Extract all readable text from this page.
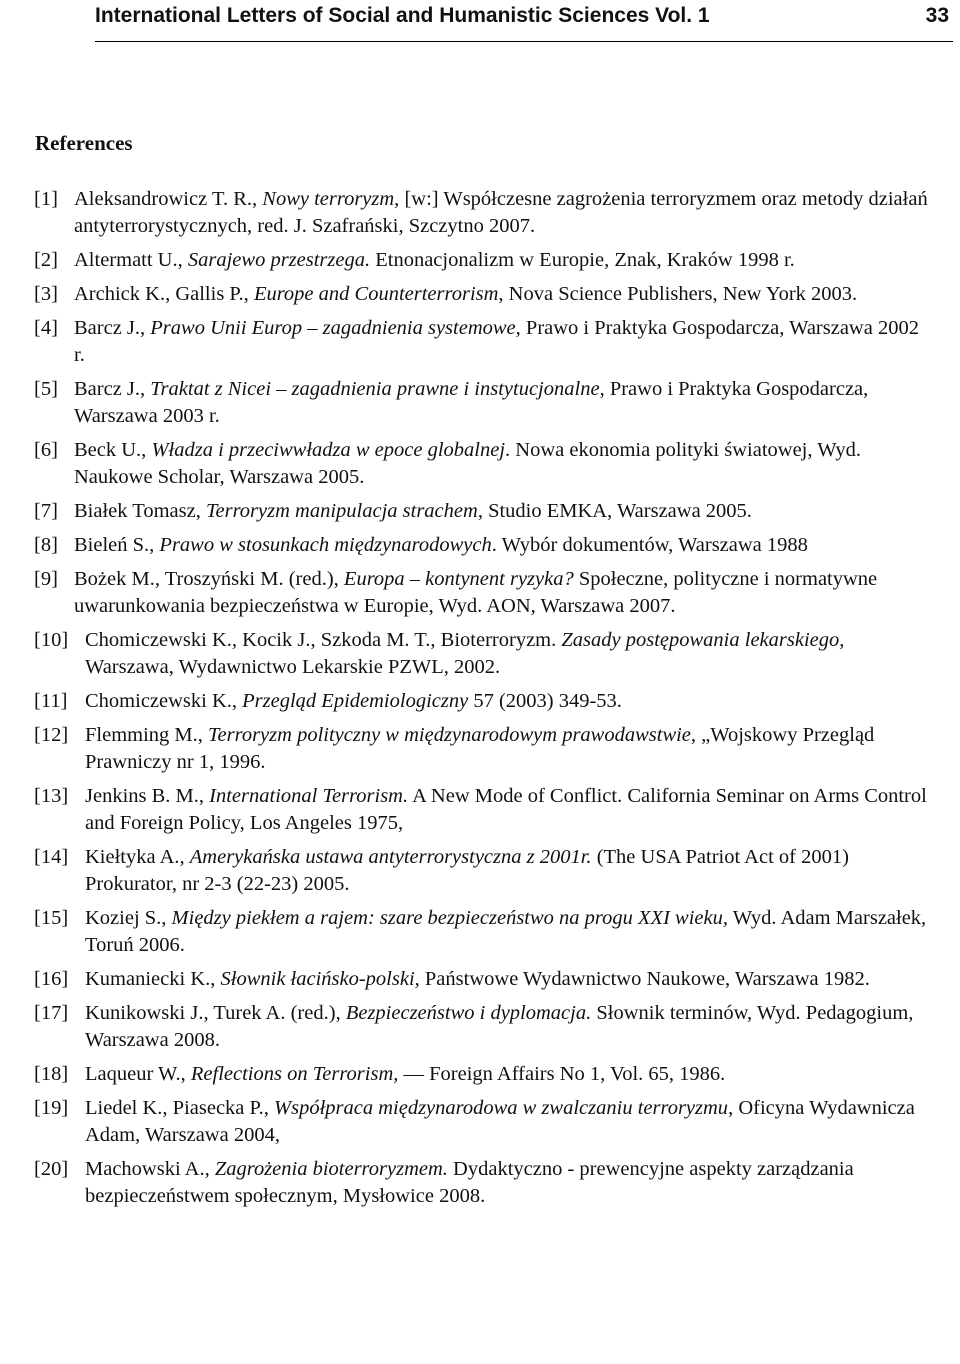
International Letters of Social and Humanistic Sciences Vol. 1	33
References
[1] Aleksandrowicz T. R., Nowy terroryzm, [w:] Współczesne zagrożenia terroryzmem oraz metody działań antyterrorystycznych, red. J. Szafrański, Szczytno 2007.
[2] Altermatt U., Sarajewo przestrzega. Etnonacjonalizm w Europie, Znak, Kraków 1998 r.
[3] Archick K., Gallis P., Europe and Counterterrorism, Nova Science Publishers, New York 2003.
[4] Barcz J., Prawo Unii Europ – zagadnienia systemowe, Prawo i Praktyka Gospodarcza, Warszawa 2002 r.
[5] Barcz J., Traktat z Nicei – zagadnienia prawne i instytucjonalne, Prawo i Praktyka Gospodarcza, Warszawa 2003 r.
[6] Beck U., Władza i przeciwwładza w epoce globalnej. Nowa ekonomia polityki światowej, Wyd. Naukowe Scholar, Warszawa 2005.
[7] Białek Tomasz, Terroryzm manipulacja strachem, Studio EMKA, Warszawa 2005.
[8] Bieleń S., Prawo w stosunkach międzynarodowych. Wybór dokumentów, Warszawa 1988
[9] Bożek M., Troszyński M. (red.), Europa – kontynent ryzyka? Społeczne, polityczne i normatywne uwarunkowania bezpieczeństwa w Europie, Wyd. AON, Warszawa 2007.
[10] Chomiczewski K., Kocik J., Szkoda M. T., Bioterroryzm. Zasady postępowania lekarskiego, Warszawa, Wydawnictwo Lekarskie PZWL, 2002.
[11] Chomiczewski K., Przegląd Epidemiologiczny 57 (2003) 349-53.
[12] Flemming M., Terroryzm polityczny w międzynarodowym prawodawstwie, „Wojskowy Przegląd Prawniczy nr 1, 1996.
[13] Jenkins B. M., International Terrorism. A New Mode of Conflict. California Seminar on Arms Control and Foreign Policy, Los Angeles 1975,
[14] Kiełtyka A., Amerykańska ustawa antyterrorystyczna z 2001r. (The USA Patriot Act of 2001) Prokurator, nr 2-3 (22-23) 2005.
[15] Koziej S., Między piekłem a rajem: szare bezpieczeństwo na progu XXI wieku, Wyd. Adam Marszałek, Toruń 2006.
[16] Kumaniecki K., Słownik łacińsko-polski, Państwowe Wydawnictwo Naukowe, Warszawa 1982.
[17] Kunikowski J., Turek A. (red.), Bezpieczeństwo i dyplomacja. Słownik terminów, Wyd. Pedagogium, Warszawa 2008.
[18] Laqueur W., Reflections on Terrorism, ― Foreign Affairs No 1, Vol. 65, 1986.
[19] Liedel K., Piasecka P., Współpraca międzynarodowa w zwalczaniu terroryzmu, Oficyna Wydawnicza Adam, Warszawa 2004,
[20] Machowski A., Zagrożenia bioterroryzmem. Dydaktyczno - prewencyjne aspekty zarządzania bezpieczeństwem społecznym, Mysłowice 2008.
